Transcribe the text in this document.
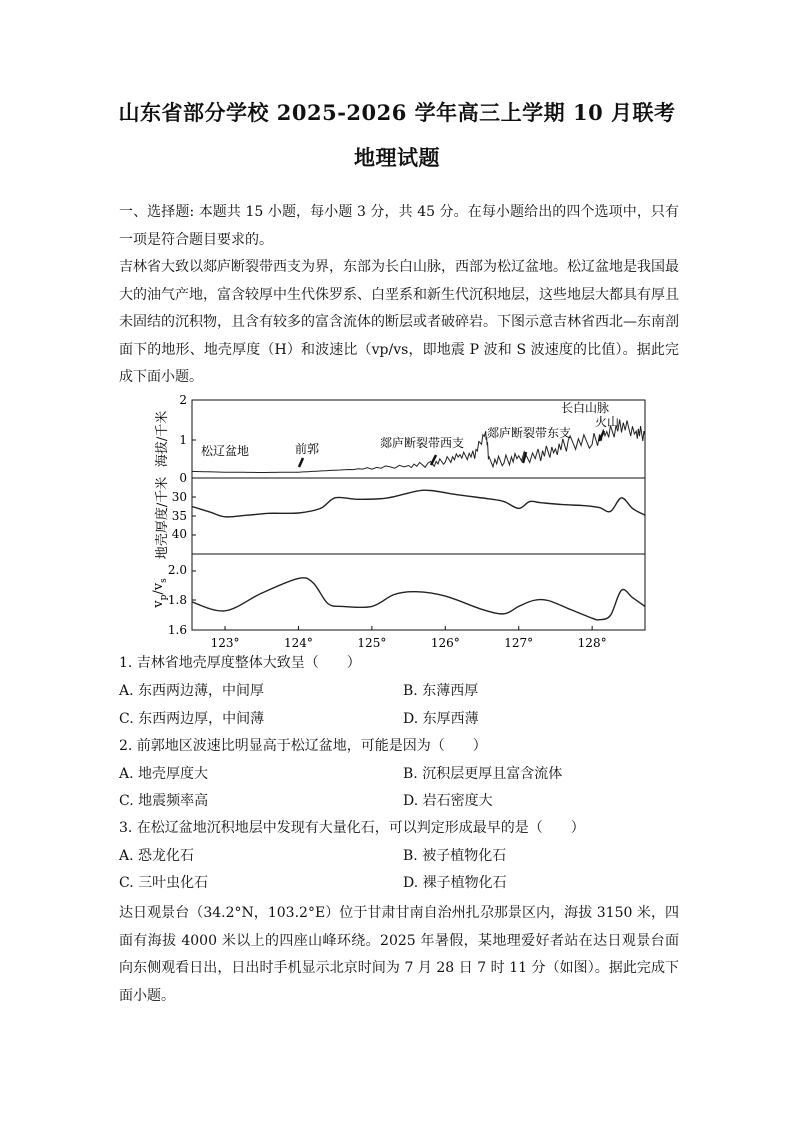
山东省部分学校 2025-2026 学年高三上学期 10 月联考
地理试题
一、选择题: 本题共 15 小题，每小题 3 分，共 45 分。在每小题给出的四个选项中，只有一项是符合题目要求的。
吉林省大致以郯庐断裂带西支为界，东部为长白山脉，西部为松辽盆地。松辽盆地是我国最大的油气产地，富含较厚中生代侏罗系、白垩系和新生代沉积地层，这些地层大都具有厚且未固结的沉积物，且含有较多的富含流体的断层或者破碎岩。下图示意吉林省西北—东南剖面下的地形、地壳厚度（H）和波速比（vp/vs，即地震 P 波和 S 波速度的比值）。据此完成下面小题。
海拔/千米
2
1
0
松辽盆地	前郭	郯庐断裂带西支
郯庐断裂带东支
长白山脉
火山
地壳厚度/千米 30
35
40
$v_p/v_s$
2.0
1.8
1.6
123°	124°	125°	126°	127°	128°
1. 吉林省地壳厚度整体大致呈（　　）
A. 东西两边薄，中间厚	B. 东薄西厚
C. 东西两边厚，中间薄	D. 东厚西薄
2. 前郭地区波速比明显高于松辽盆地，可能是因为（　　）
A. 地壳厚度大	B. 沉积层更厚且富含流体
C. 地震频率高	D. 岩石密度大
3. 在松辽盆地沉积地层中发现有大量化石，可以判定形成最早的是（　　）
A. 恐龙化石	B. 被子植物化石
C. 三叶虫化石	D. 裸子植物化石
达日观景台（34.2°N，103.2°E）位于甘肃甘南自治州扎尕那景区内，海拔 3150 米，四面有海拔 4000 米以上的四座山峰环绕。2025 年暑假，某地理爱好者站在达日观景台面向东侧观看日出，日出时手机显示北京时间为 7 月 28 日 7 时 11 分（如图）。据此完成下面小题。
